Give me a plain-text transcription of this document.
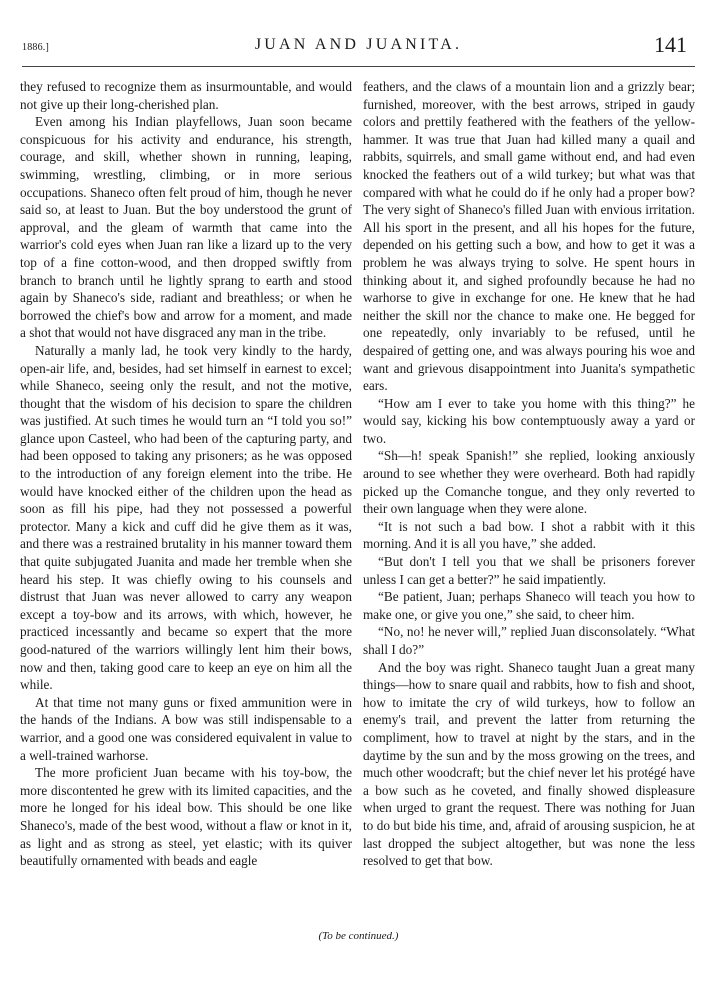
1886.]	JUAN AND JUANITA.	141

they refused to recognize them as insurmountable, and would not give up their long-cherished plan.

Even among his Indian playfellows, Juan soon became conspicuous for his activity and endurance, his strength, courage, and skill, whether shown in running, leaping, swimming, wrestling, climbing, or in more serious occupations. Shaneco often felt proud of him, though he never said so, at least to Juan. But the boy understood the grunt of approval, and the gleam of warmth that came into the warrior's cold eyes when Juan ran like a lizard up to the very top of a fine cotton-wood, and then dropped swiftly from branch to branch until he lightly sprang to earth and stood again by Shaneco's side, radiant and breathless; or when he borrowed the chief's bow and arrow for a moment, and made a shot that would not have disgraced any man in the tribe.

Naturally a manly lad, he took very kindly to the hardy, open-air life, and, besides, had set himself in earnest to excel; while Shaneco, seeing only the result, and not the motive, thought that the wisdom of his decision to spare the children was justified. At such times he would turn an “I told you so!” glance upon Casteel, who had been of the capturing party, and had been opposed to taking any prisoners; as he was opposed to the introduction of any foreign element into the tribe. He would have knocked either of the children upon the head as soon as fill his pipe, had they not possessed a powerful protector. Many a kick and cuff did he give them as it was, and there was a restrained brutality in his manner toward them that quite subjugated Juanita and made her tremble when she heard his step. It was chiefly owing to his counsels and distrust that Juan was never allowed to carry any weapon except a toy-bow and its arrows, with which, however, he practiced incessantly and became so expert that the more good-natured of the warriors willingly lent him their bows, now and then, taking good care to keep an eye on him all the while.

At that time not many guns or fixed ammunition were in the hands of the Indians. A bow was still indispensable to a warrior, and a good one was considered equivalent in value to a well-trained warhorse.

The more proficient Juan became with his toy-bow, the more discontented he grew with its limited capacities, and the more he longed for his ideal bow. This should be one like Shaneco's, made of the best wood, without a flaw or knot in it, as light and as strong as steel, yet elastic; with its quiver beautifully ornamented with beads and eagle

feathers, and the claws of a mountain lion and a grizzly bear; furnished, moreover, with the best arrows, striped in gaudy colors and prettily feathered with the feathers of the yellow-hammer. It was true that Juan had killed many a quail and rabbits, squirrels, and small game without end, and had even knocked the feathers out of a wild turkey; but what was that compared with what he could do if he only had a proper bow? The very sight of Shaneco's filled Juan with envious irritation. All his sport in the present, and all his hopes for the future, depended on his getting such a bow, and how to get it was a problem he was always trying to solve. He spent hours in thinking about it, and sighed profoundly because he had no warhorse to give in exchange for one. He knew that he had neither the skill nor the chance to make one. He begged for one repeatedly, only invariably to be refused, until he despaired of getting one, and was always pouring his woe and want and grievous disappointment into Juanita's sympathetic ears.

“How am I ever to take you home with this thing?” he would say, kicking his bow contemptuously away a yard or two.

“Sh—h! speak Spanish!” she replied, looking anxiously around to see whether they were overheard. Both had rapidly picked up the Comanche tongue, and they only reverted to their own language when they were alone.

“It is not such a bad bow. I shot a rabbit with it this morning. And it is all you have,” she added.

“But don't I tell you that we shall be prisoners forever unless I can get a better?” he said impatiently.

“Be patient, Juan; perhaps Shaneco will teach you how to make one, or give you one,” she said, to cheer him.

“No, no! he never will,” replied Juan disconsolately. “What shall I do?”

And the boy was right. Shaneco taught Juan a great many things—how to snare quail and rabbits, how to fish and shoot, how to imitate the cry of wild turkeys, how to follow an enemy's trail, and prevent the latter from returning the compliment, how to travel at night by the stars, and in the daytime by the sun and by the moss growing on the trees, and much other woodcraft; but the chief never let his protégé have a bow such as he coveted, and finally showed displeasure when urged to grant the request. There was nothing for Juan to do but bide his time, and, afraid of arousing suspicion, he at last dropped the subject altogether, but was none the less resolved to get that bow.

(To be continued.)
